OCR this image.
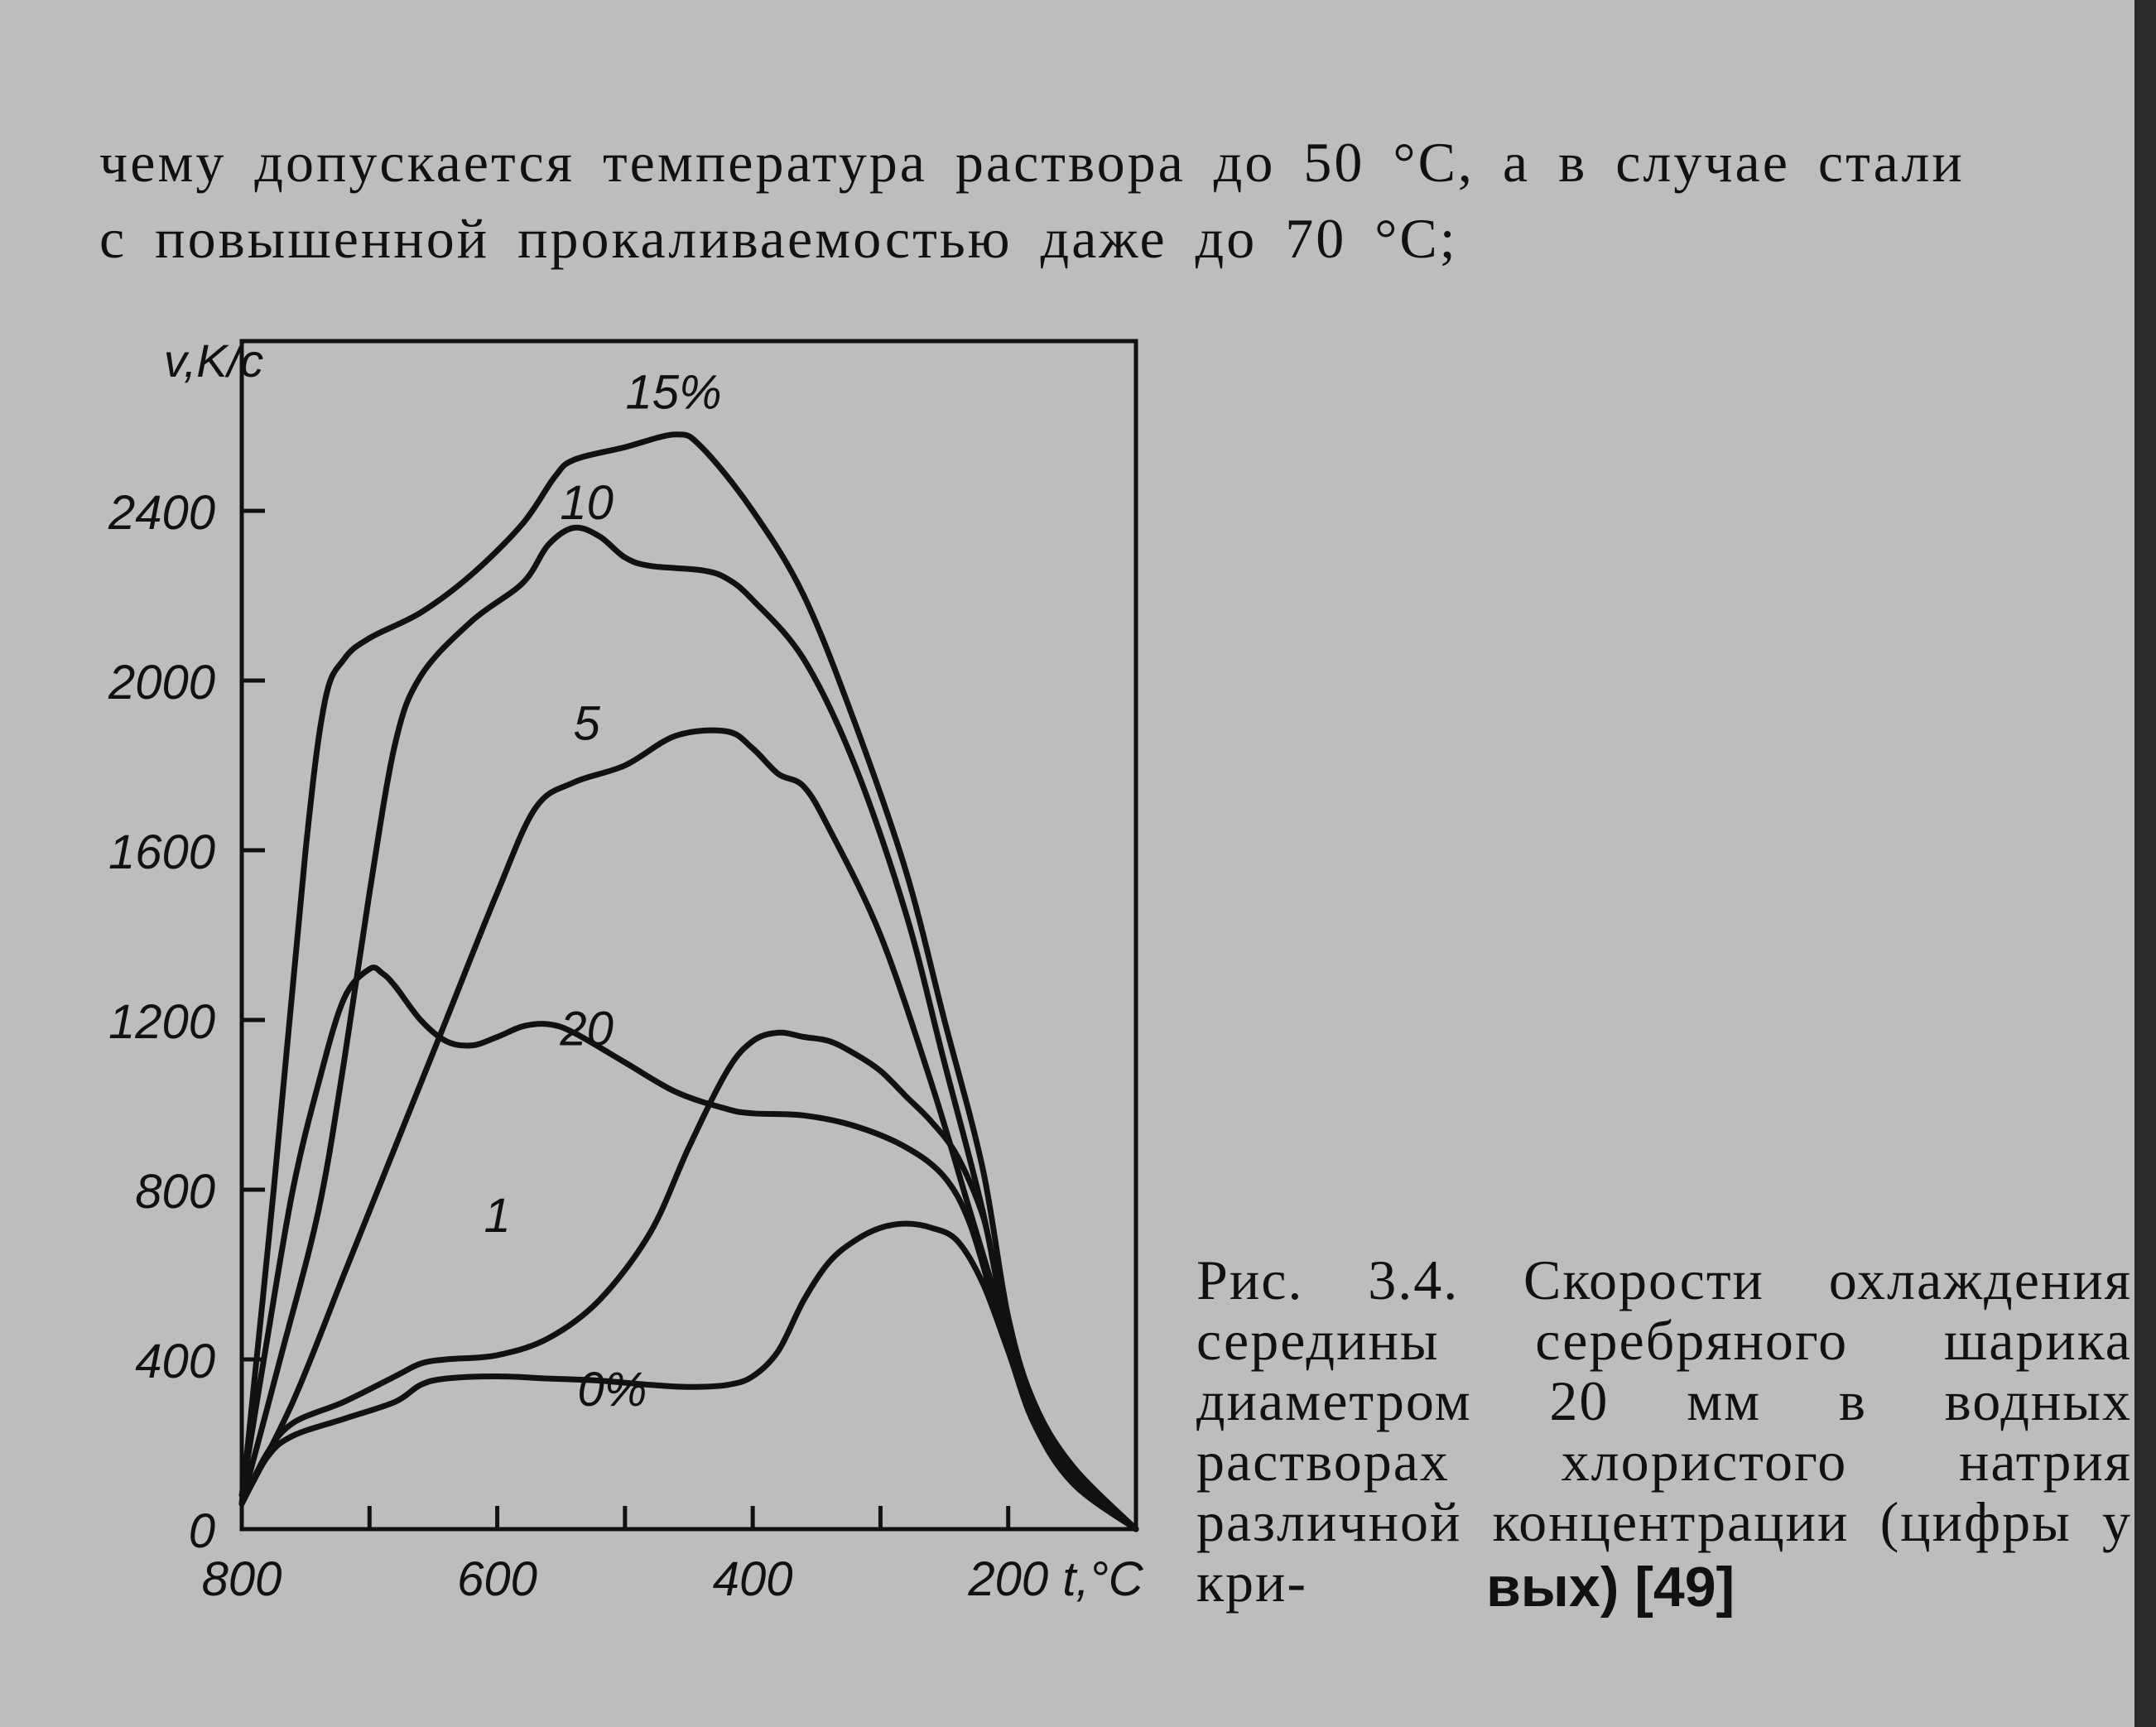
чему допускается температура раствора до 50 °С, а в случае стали
с повышенной прокаливаемостью даже до 70 °С;
0
400
800
1200
1600
2000
2400
800	600	400	200
v,K/c
t,°C
15%
10
5
20
1
0%
Рис. 3.4. Скорости охлаждения середины серебряного шарика диаметром 20 мм в водных растворах хлористого натрия различной концентрации (цифры у кри-	вых) [49]
